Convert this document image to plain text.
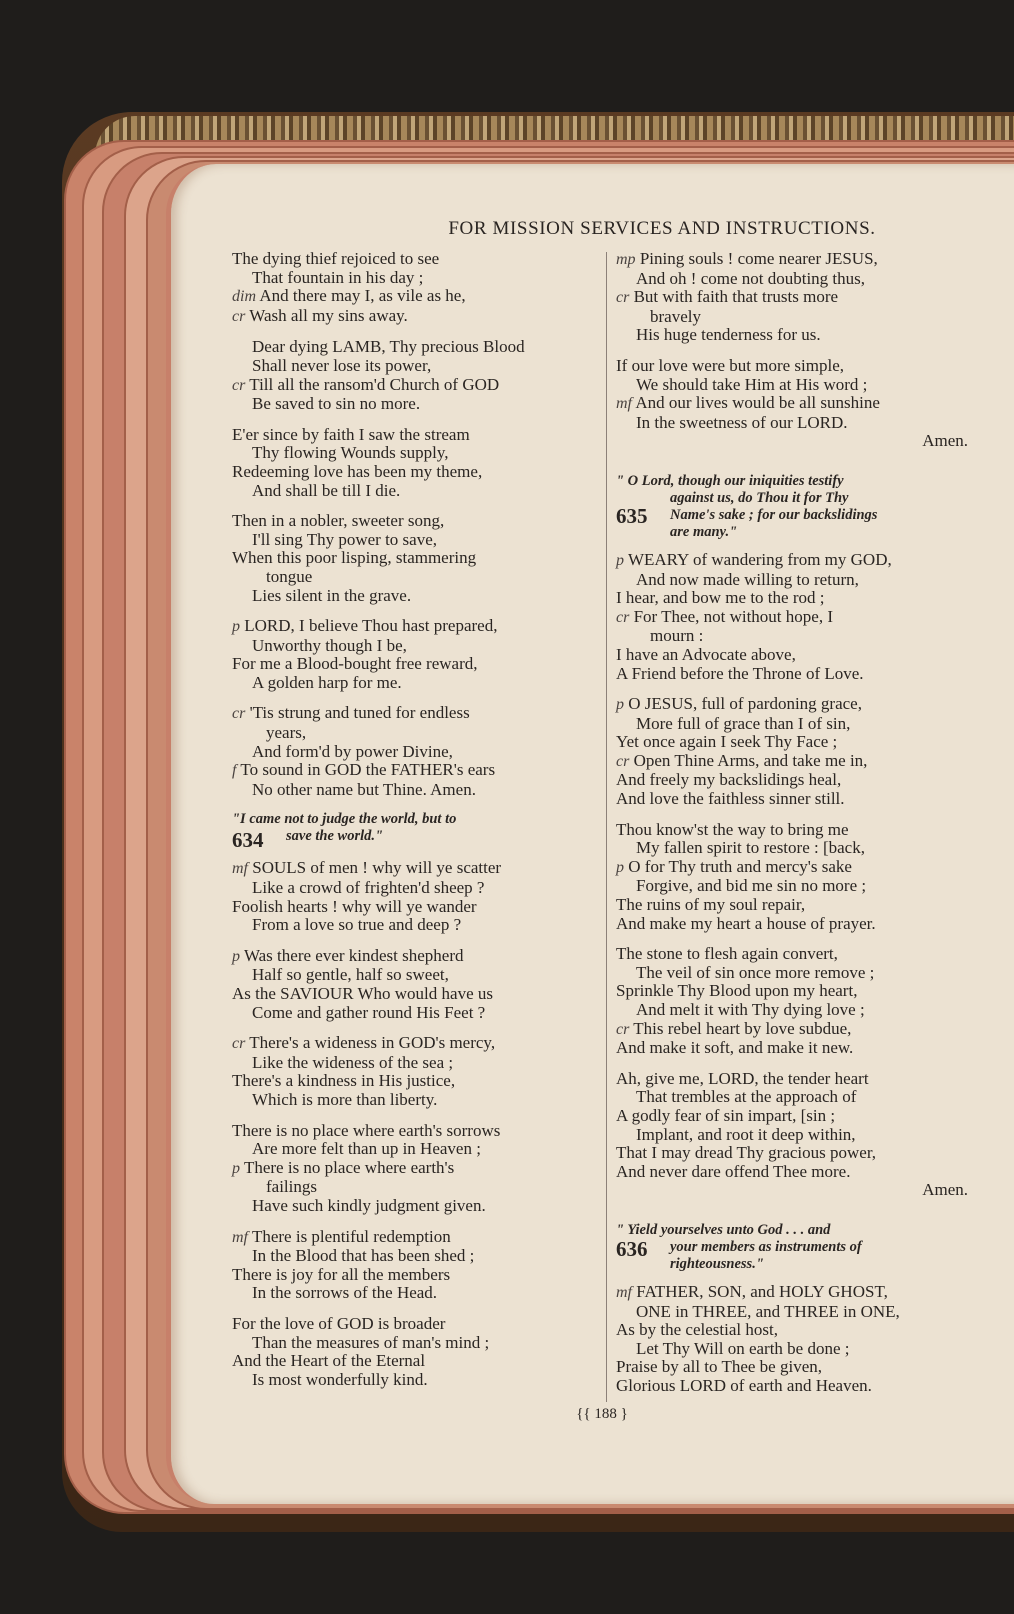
FOR MISSION SERVICES AND INSTRUCTIONS.
The dying thief rejoiced to see
That fountain in his day ;
dim And there may I, as vile as he,
cr Wash all my sins away.
Dear dying LAMB, Thy precious Blood
Shall never lose its power,
cr Till all the ransom'd Church of GOD
Be saved to sin no more.
E'er since by faith I saw the stream
Thy flowing Wounds supply,
Redeeming love has been my theme,
And shall be till I die.
Then in a nobler, sweeter song,
I'll sing Thy power to save,
When this poor lisping, stammering
tongue
Lies silent in the grave.
p LORD, I believe Thou hast prepared,
Unworthy though I be,
For me a Blood-bought free reward,
A golden harp for me.
cr 'Tis strung and tuned for endless
years,
And form'd by power Divine,
f To sound in GOD the FATHER's ears
No other name but Thine. Amen.
"I came not to judge the world, but to
634	save the world."
mf SOULS of men ! why will ye scatter
Like a crowd of frighten'd sheep ?
Foolish hearts ! why will ye wander
From a love so true and deep ?
p Was there ever kindest shepherd
Half so gentle, half so sweet,
As the SAVIOUR Who would have us
Come and gather round His Feet ?
cr There's a wideness in GOD's mercy,
Like the wideness of the sea ;
There's a kindness in His justice,
Which is more than liberty.
There is no place where earth's sorrows
Are more felt than up in Heaven ;
p There is no place where earth's
failings
Have such kindly judgment given.
mf There is plentiful redemption
In the Blood that has been shed ;
There is joy for all the members
In the sorrows of the Head.
For the love of GOD is broader
Than the measures of man's mind ;
And the Heart of the Eternal
Is most wonderfully kind.
mp Pining souls ! come nearer JESUS,
And oh ! come not doubting thus,
cr But with faith that trusts more
bravely
His huge tenderness for us.
If our love were but more simple,
We should take Him at His word ;
mf And our lives would be all sunshine
In the sweetness of our LORD.
Amen.
" O Lord, though our iniquities testify
against us, do Thou it for Thy
Name's sake ; for our backslidings
635
are many."
p WEARY of wandering from my GOD,
And now made willing to return,
I hear, and bow me to the rod ;
cr For Thee, not without hope, I
mourn :
I have an Advocate above,
A Friend before the Throne of Love.
p O JESUS, full of pardoning grace,
More full of grace than I of sin,
Yet once again I seek Thy Face ;
cr Open Thine Arms, and take me in,
And freely my backslidings heal,
And love the faithless sinner still.
Thou know'st the way to bring me
My fallen spirit to restore : [back,
p O for Thy truth and mercy's sake
Forgive, and bid me sin no more ;
The ruins of my soul repair,
And make my heart a house of prayer.
The stone to flesh again convert,
The veil of sin once more remove ;
Sprinkle Thy Blood upon my heart,
And melt it with Thy dying love ;
cr This rebel heart by love subdue,
And make it soft, and make it new.
Ah, give me, LORD, the tender heart
That trembles at the approach of
A godly fear of sin impart, [sin ;
Implant, and root it deep within,
That I may dread Thy gracious power,
And never dare offend Thee more.
Amen.
" Yield yourselves unto God . . . and
636	your members as instruments of
righteousness."
mf FATHER, SON, and HOLY GHOST,
ONE in THREE, and THREE in ONE,
As by the celestial host,
Let Thy Will on earth be done ;
Praise by all to Thee be given,
Glorious LORD of earth and Heaven.
{{ 188 }
